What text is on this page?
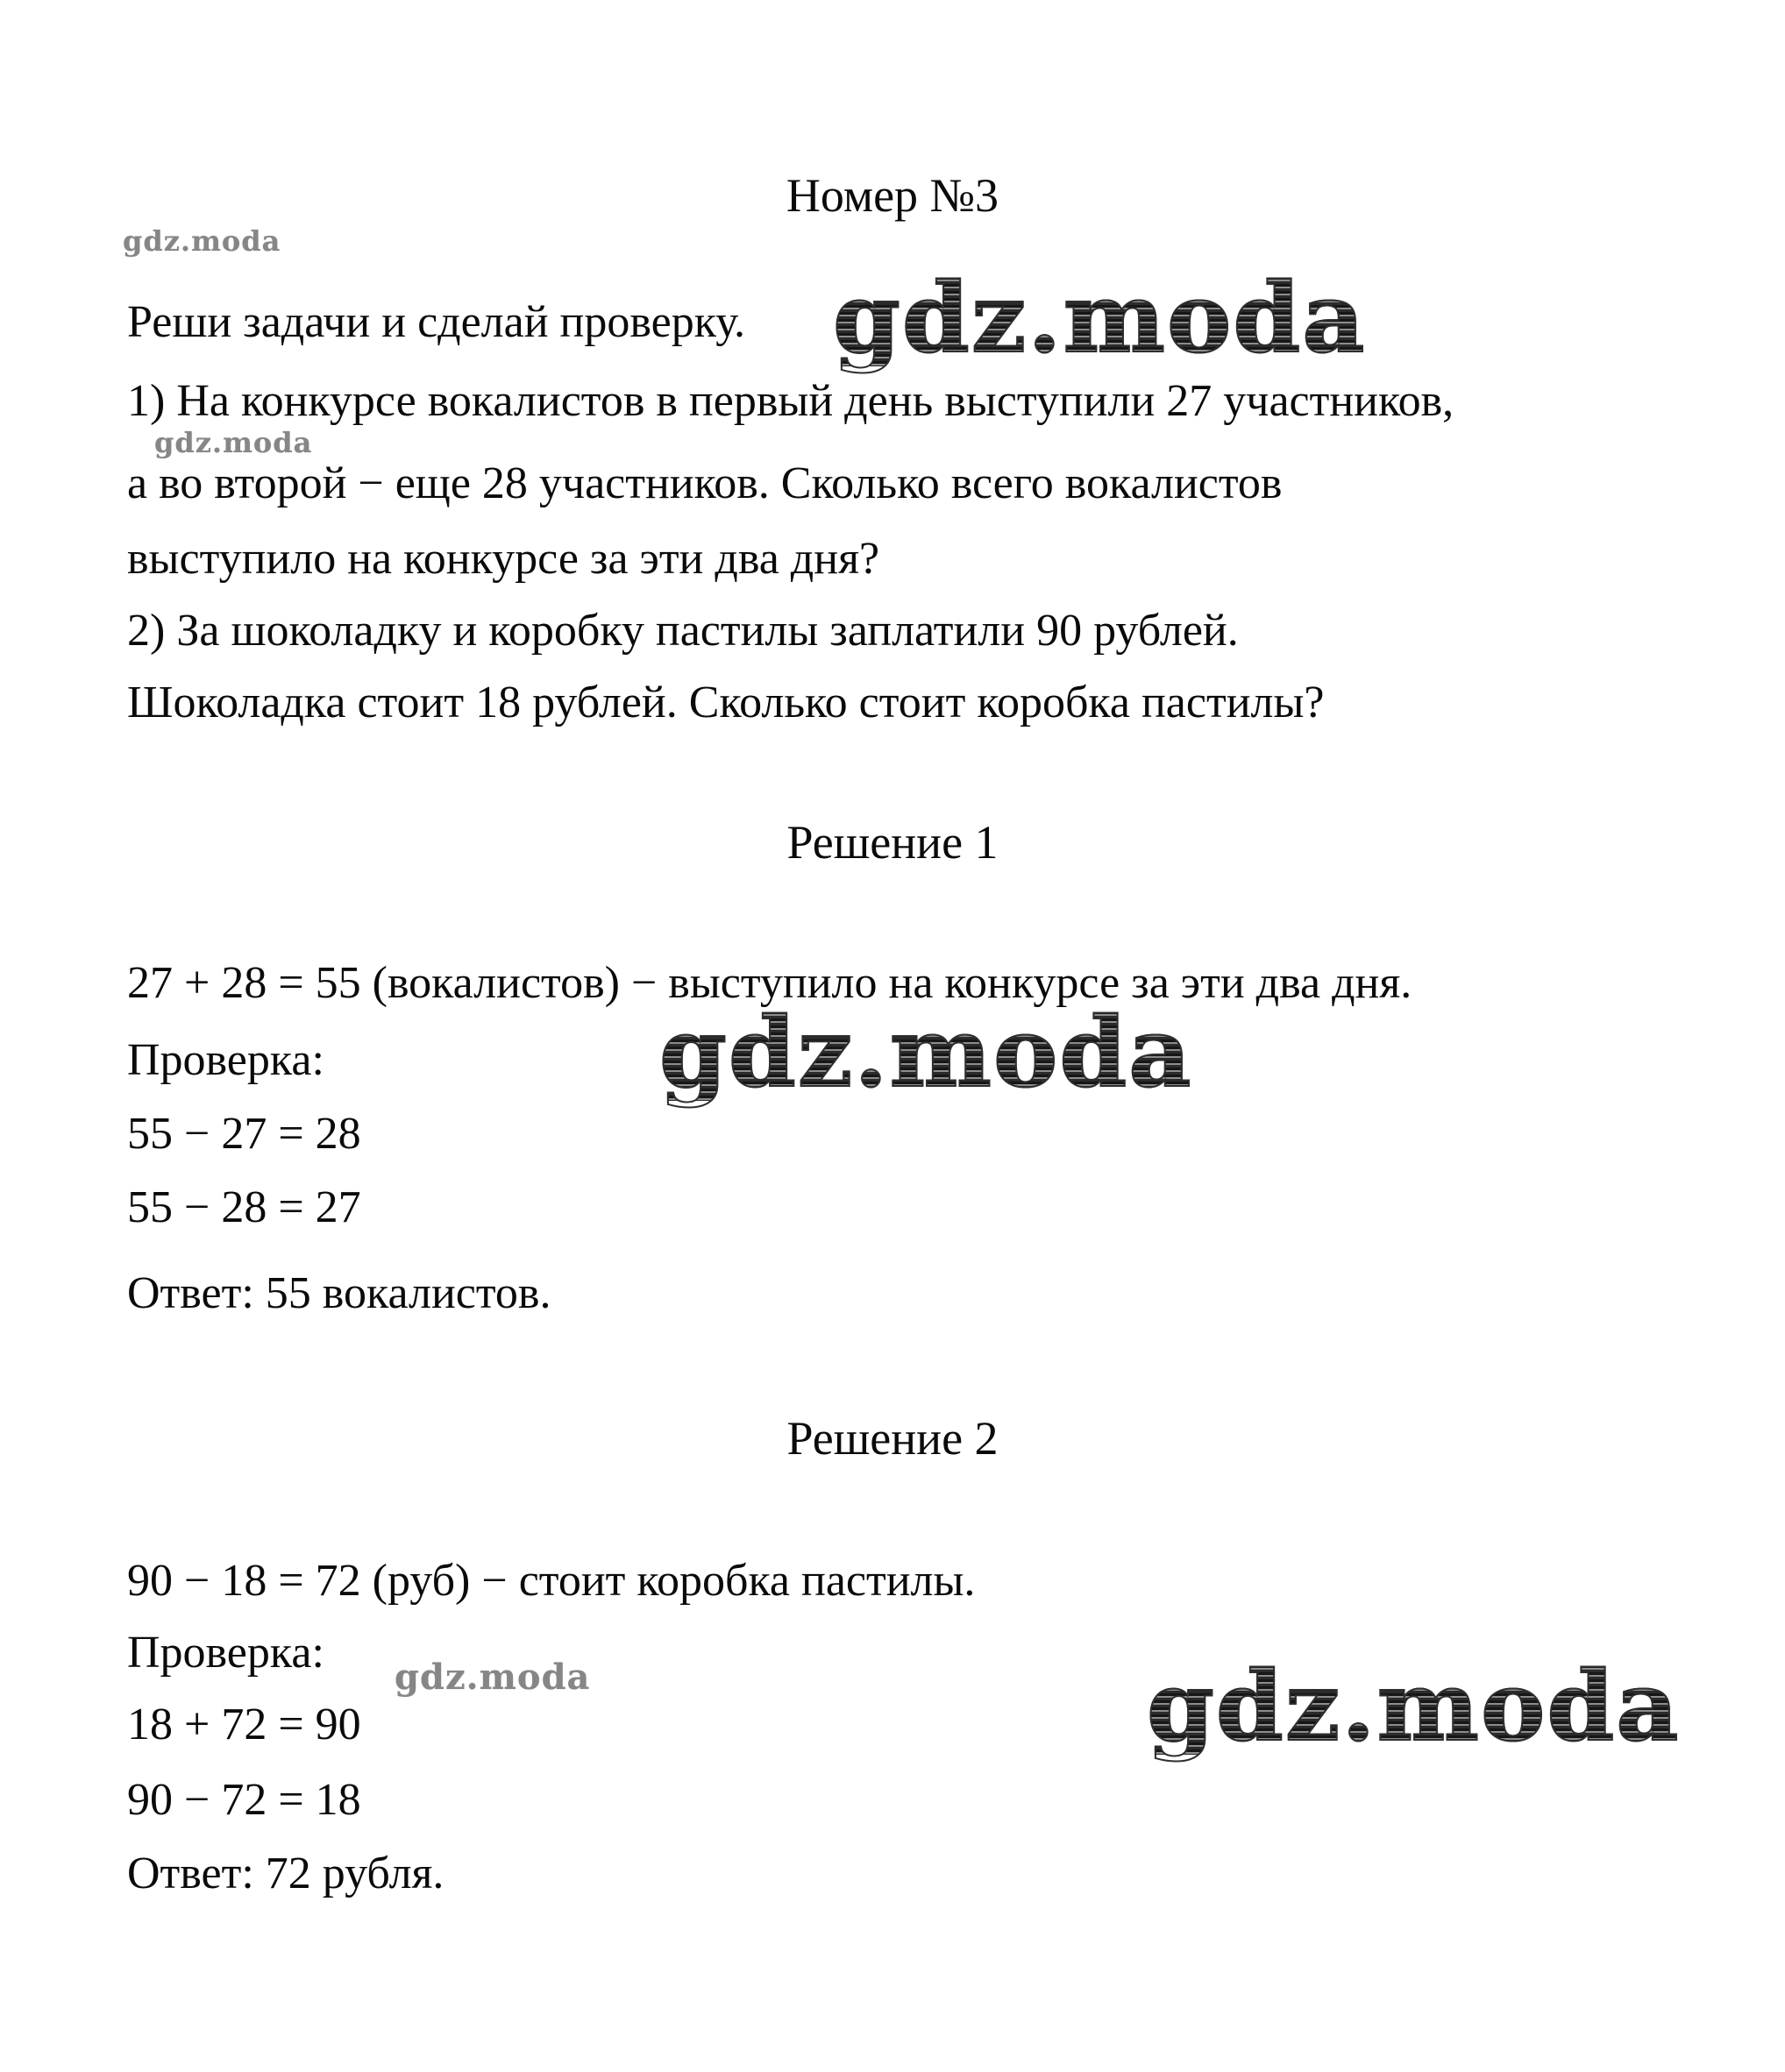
gdz.moda
gdz.moda
gdz.moda
gdz.moda
gdz.moda	gdz.moda
Номер №3
Реши задачи и сделай проверку.
1) На конкурсе вокалистов в первый день выступили 27 участников,
а во второй − еще 28 участников. Сколько всего вокалистов
выступило на конкурсе за эти два дня?
2) За шоколадку и коробку пастилы заплатили 90 рублей.
Шоколадка стоит 18 рублей. Сколько стоит коробка пастилы?
Решение 1
27 + 28 = 55 (вокалистов) − выступило на конкурсе за эти два дня.
Проверка:
55 − 27 = 28
55 − 28 = 27
Ответ: 55 вокалистов.
Решение 2
90 − 18 = 72 (руб) − стоит коробка пастилы.
Проверка:
18 + 72 = 90
90 − 72 = 18
Ответ: 72 рубля.
